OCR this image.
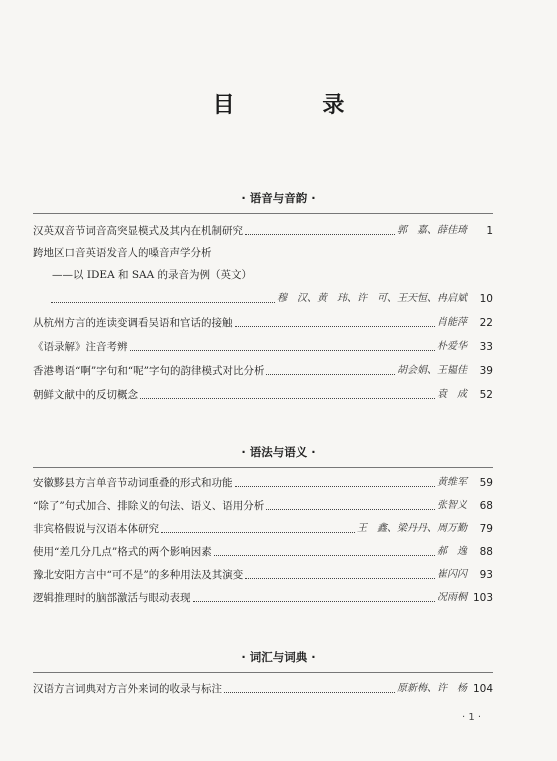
目 录
· 语音与音韵 ·
汉英双音节词音高突显模式及其内在机制研究	郭　嘉、薛佳琦	1
跨地区口音英语发音人的嗓音声学分析
——以 IDEA 和 SAA 的录音为例（英文）
穆　汉、黄　玮、许　可、王天恒、冉启斌	10
从杭州方言的连读变调看吴语和官话的接触	肖能萍	22
《语录解》注音考辨	朴爱华	33
香港粤语“啊”字句和“呢”字句的韵律模式对比分析	胡会娟、王韫佳	39
朝鲜文献中的反切概念	袁　成	52
· 语法与语义 ·
安徽黟县方言单音节动词重叠的形式和功能	黄维军	59
“除了”句式加合、排除义的句法、语义、语用分析	张智义	68
非宾格假说与汉语本体研究	王　鑫、梁丹丹、周万勤	79
使用“差几分几点”格式的两个影响因素	郝　逸	88
豫北安阳方言中“可不是”的多种用法及其演变	崔闪闪	93
逻辑推理时的脑部激活与眼动表现	况雨桐 103
· 词汇与词典 ·
汉语方言词典对方言外来词的收录与标注	原新梅、许　杨 104
· 1 ·
